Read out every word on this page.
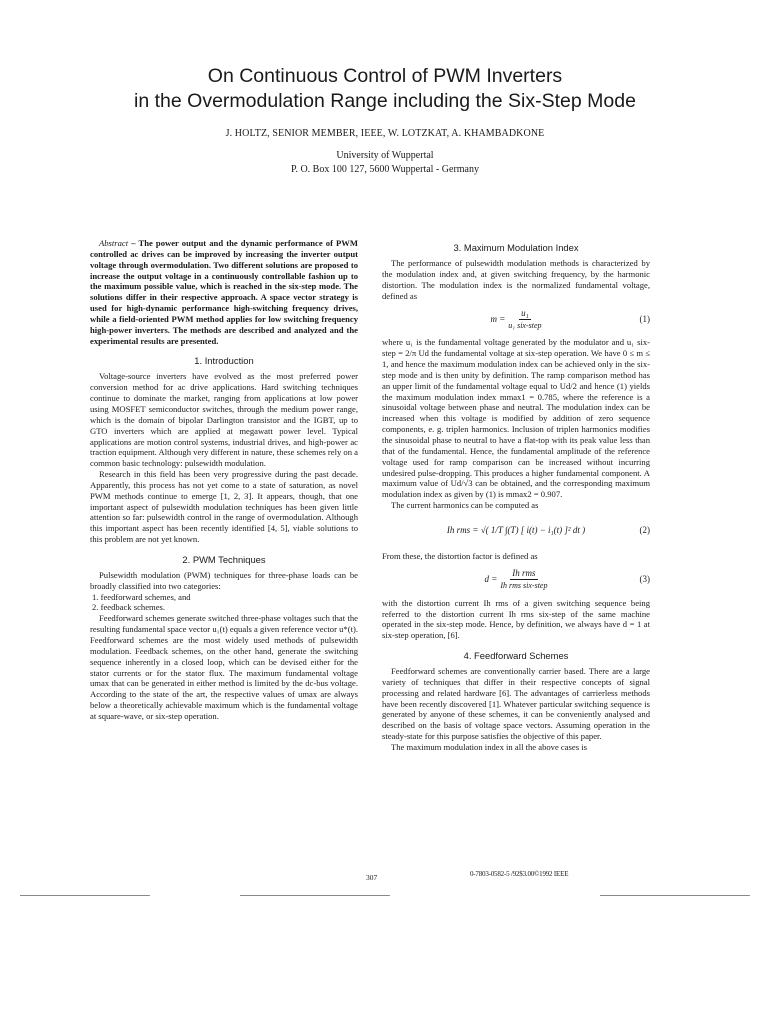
On Continuous Control of PWM Inverters
in the Overmodulation Range including the Six-Step Mode
J. HOLTZ, SENIOR MEMBER, IEEE, W. LOTZKAT, A. KHAMBADKONE
University of Wuppertal
P. O. Box 100 127, 5600 Wuppertal - Germany

Abstract – The power output and the dynamic performance of PWM controlled ac drives can be improved by increasing the inverter output voltage through overmodulation. Two different solutions are proposed to increase the output voltage in a continuously controllable fashion up to the maximum possible value, which is reached in the six-step mode. The solutions differ in their respective approach. A space vector strategy is used for high-dynamic performance high-switching frequency drives, while a field-oriented PWM method applies for low switching frequency high-power inverters. The methods are described and analyzed and the experimental results are presented.

1. Introduction

Voltage-source inverters have evolved as the most preferred power conversion method for ac drive applications. Hard switching techniques continue to dominate the market, ranging from applications at low power using MOSFET semiconductor switches, through the medium power range, which is the domain of bipolar Darlington transistor and the IGBT, up to GTO inverters which are applied at megawatt power level. Typical applications are motion control systems, industrial drives, and high-power ac traction equipment. Although very different in nature, these schemes rely on a common basic technology: pulsewidth modulation.

Research in this field has been very progressive during the past decade. Apparently, this process has not yet come to a state of saturation, as novel PWM methods continue to emerge [1, 2, 3]. It appears, though, that one important aspect of pulsewidth modulation techniques has been given little attention so far: pulsewidth control in the range of overmodulation. Although this important aspect has been recently identified [4, 5], viable solutions to this problem are not yet known.

2. PWM Techniques

Pulsewidth modulation (PWM) techniques for three-phase loads can be broadly classified into two categories:

1. feedforward schemes, and
2. feedback schemes.

Feedforward schemes generate switched three-phase voltages such that the resulting fundamental space vector u₁(t) equals a given reference vector u*(t). Feedforward schemes are the most widely used methods of pulsewidth modulation. Feedback schemes, on the other hand, generate the switching sequence inherently in a closed loop, which can be devised either for the stator currents or for the stator flux. The maximum fundamental voltage umax that can be generated in either method is limited by the dc-bus voltage. According to the state of the art, the respective values of umax are always below a theoretically achievable maximum which is the fundamental voltage at square-wave, or six-step operation.

3. Maximum Modulation Index

The performance of pulsewidth modulation methods is characterized by the modulation index and, at given switching frequency, by the harmonic distortion. The modulation index is the normalized fundamental voltage, defined as

$m = \frac{\text{u₁}}{\text{u₁ six-step}}$	(1)

where u₁ is the fundamental voltage generated by the modulator and u₁ six-step = 2/π Ud the fundamental voltage at six-step operation. We have 0 ≤ m ≤ 1, and hence the maximum modulation index can be achieved only in the six-step mode and is then unity by definition. The ramp comparison method has an upper limit of the fundamental voltage equal to Ud/2 and hence (1) yields the maximum modulation index mmax1 = 0.785, where the reference is a sinusoidal voltage between phase and neutral. The modulation index can be increased when this voltage is modified by addition of zero sequence components, e. g. triplen harmonics. Inclusion of triplen harmonics modifies the sinusoidal phase to neutral to have a flat-top with its peak value less than that of the fundamental. Hence, the fundamental amplitude of the reference voltage used for ramp comparison can be increased without incurring undesired pulse-dropping. This produces a higher fundamental component. A maximum value of Ud/√3 can be obtained, and the corresponding maximum modulation index as given by (1) is mmax2 = 0.907.

The current harmonics can be computed as

Ih rms =
√( 1/T ∫(T) [ i(t) − i₁(t) ]² dt )	(2)

From these, the distortion factor is defined as

$d = \frac{\text{Ih rms}}{\text{Ih rms six-step}}$	(3)

with the distortion current Ih rms of a given switching sequence being referred to the distortion current Ih rms six-step of the same machine operated in the six-step mode. Hence, by definition, we always have d = 1 at six-step operation, [6].

4. Feedforward Schemes

Feedforward schemes are conventionally carrier based. There are a large variety of techniques that differ in their respective concepts of signal processing and related hardware [6]. The advantages of carrierless methods have been recently discovered [1]. Whatever particular switching sequence is generated by anyone of these schemes, it can be conveniently analysed and described on the basis of voltage space vectors. Assuming operation in the steady-state for this purpose satisfies the objective of this paper.

The maximum modulation index in all the above cases is

307	0-7803-0582-5 /92$3.00©1992 IEEE
